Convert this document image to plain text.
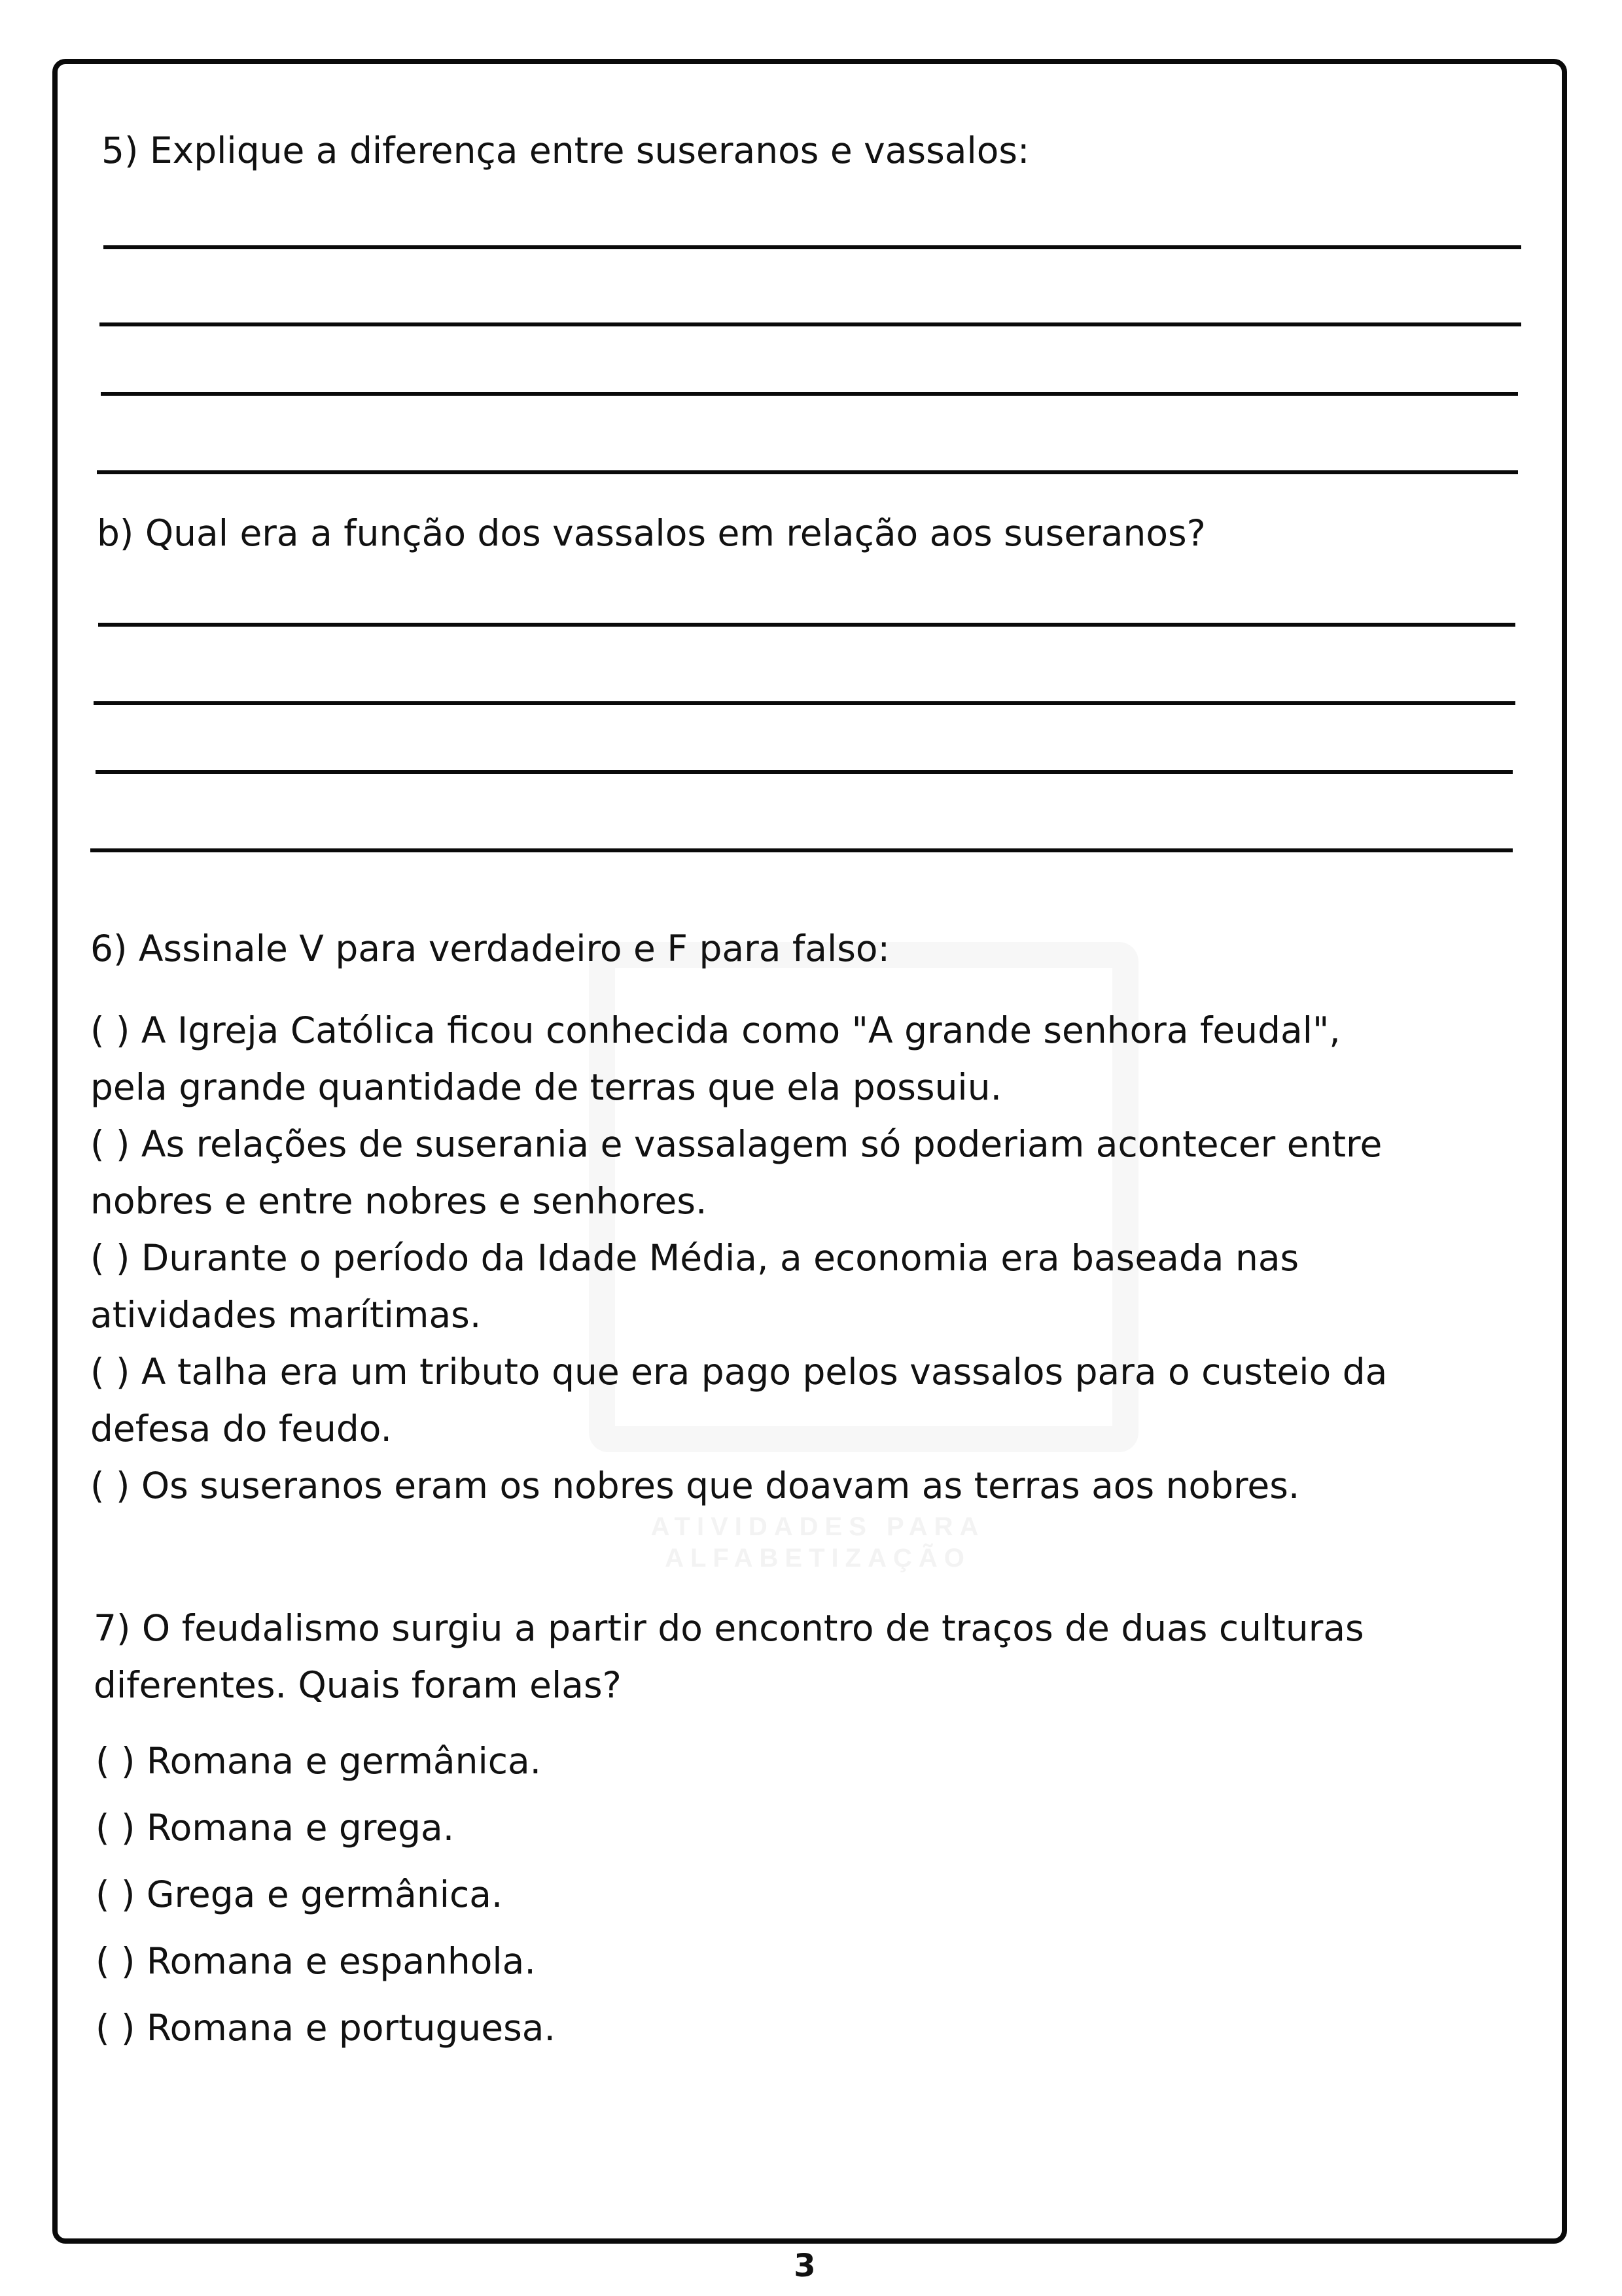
5) Explique a diferença entre suseranos e vassalos:
b) Qual era a função dos vassalos em relação aos suseranos?
6) Assinale V para verdadeiro e F para falso:
( ) A Igreja Católica ficou conhecida como "A grande senhora feudal",
pela grande quantidade de terras que ela possuiu.
( ) As relações de suserania e vassalagem só poderiam acontecer entre
nobres e entre nobres e senhores.
( ) Durante o período da Idade Média, a economia era baseada nas
atividades marítimas.
( ) A talha era um tributo que era pago pelos vassalos para o custeio da
defesa do feudo.
( ) Os suseranos eram os nobres que doavam as terras aos nobres.
ATIVIDADES PARA
ALFABETIZAÇÃO
7) O feudalismo surgiu a partir do encontro de traços de duas culturas
diferentes. Quais foram elas?
( ) Romana e germânica.
( ) Romana e grega.
( ) Grega e germânica.
( ) Romana e espanhola.
( ) Romana e portuguesa.
3
